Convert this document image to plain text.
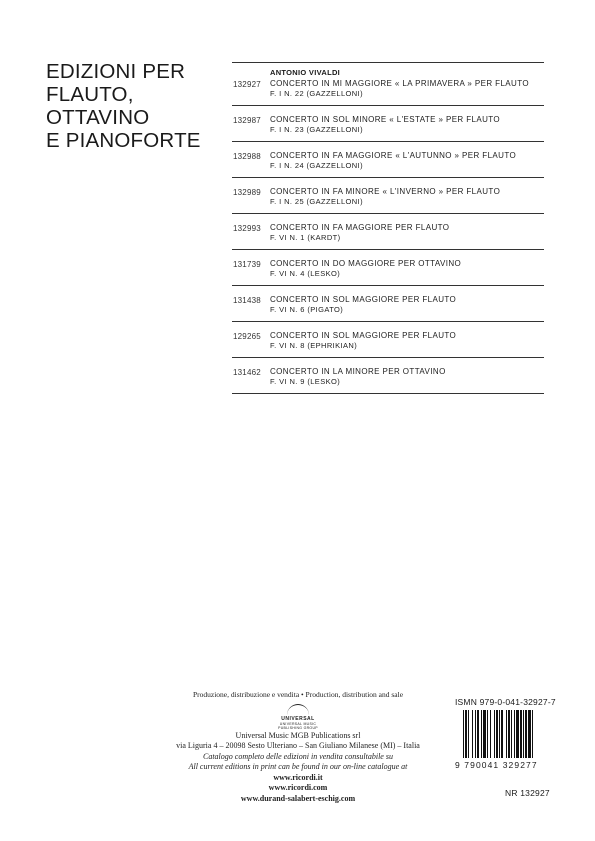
EDIZIONI PER
FLAUTO,
OTTAVINO
E PIANOFORTE
ANTONIO VIVALDI
132927 CONCERTO IN MI MAGGIORE « LA PRIMAVERA » PER FLAUTO
F. I N. 22 (GAZZELLONI)
132987 CONCERTO IN SOL MINORE « L'ESTATE » PER FLAUTO
F. I N. 23 (GAZZELLONI)
132988 CONCERTO IN FA MAGGIORE « L'AUTUNNO » PER FLAUTO
F. I N. 24 (GAZZELLONI)
132989 CONCERTO IN FA MINORE « L'INVERNO » PER FLAUTO
F. I N. 25 (GAZZELLONI)
132993 CONCERTO IN FA MAGGIORE PER FLAUTO
F. VI N. 1 (KARDT)
131739 CONCERTO IN DO MAGGIORE PER OTTAVINO
F. VI N. 4 (LESKO)
131438 CONCERTO IN SOL MAGGIORE PER FLAUTO
F. VI N. 6 (PIGATO)
129265 CONCERTO IN SOL MAGGIORE PER FLAUTO
F. VI N. 8 (EPHRIKIAN)
131462 CONCERTO IN LA MINORE PER OTTAVINO
F. VI N. 9 (LESKO)
Produzione, distribuzione e vendita • Production, distribution and sale
UNIVERSAL
UNIVERSAL MUSIC PUBLISHING GROUP
Universal Music MGB Publications srl
via Liguria 4 – 20098 Sesto Ulteriano – San Giuliano Milanese (MI) – Italia
Catalogo completo delle edizioni in vendita consultabile su
All current editions in print can be found in our on-line catalogue at
www.ricordi.it
www.ricordi.com
www.durand-salabert-eschig.com
ISMN 979-0-041-32927-7
9 790041 329277
NR 132927
